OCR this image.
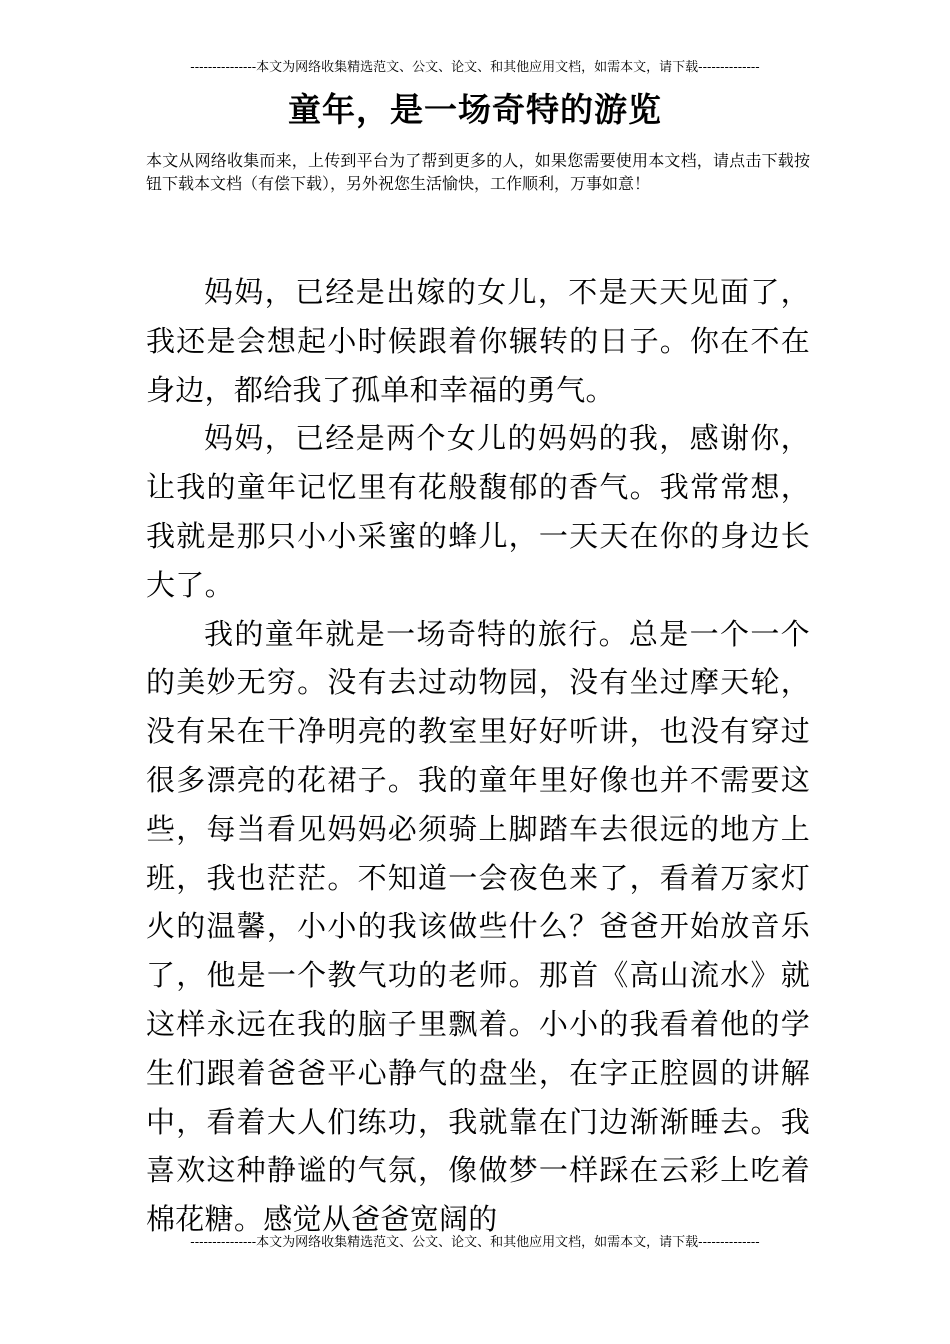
---------------本文为网络收集精选范文、公文、论文、和其他应用文档，如需本文，请下载--------------
童年，是一场奇特的游览
本文从网络收集而来，上传到平台为了帮到更多的人，如果您需要使用本文档，请点击下载按钮下载本文档（有偿下载），另外祝您生活愉快，工作顺利，万事如意！

妈妈，已经是出嫁的女儿，不是天天见面了，我还是会想起小时候跟着你辗转的日子。你在不在身边，都给我了孤单和幸福的勇气。

妈妈，已经是两个女儿的妈妈的我，感谢你，让我的童年记忆里有花般馥郁的香气。我常常想，我就是那只小小采蜜的蜂儿，一天天在你的身边长大了。

我的童年就是一场奇特的旅行。总是一个一个的美妙无穷。没有去过动物园，没有坐过摩天轮，没有呆在干净明亮的教室里好好听讲，也没有穿过很多漂亮的花裙子。我的童年里好像也并不需要这些，每当看见妈妈必须骑上脚踏车去很远的地方上班，我也茫茫。不知道一会夜色来了，看着万家灯火的温馨，小小的我该做些什么？爸爸开始放音乐了，他是一个教气功的老师。那首《高山流水》就这样永远在我的脑子里飘着。小小的我看着他的学生们跟着爸爸平心静气的盘坐，在字正腔圆的讲解中，看着大人们练功，我就靠在门边渐渐睡去。我喜欢这种静谧的气氛，像做梦一样踩在云彩上吃着棉花糖。感觉从爸爸宽阔的

---------------本文为网络收集精选范文、公文、论文、和其他应用文档，如需本文，请下载--------------
